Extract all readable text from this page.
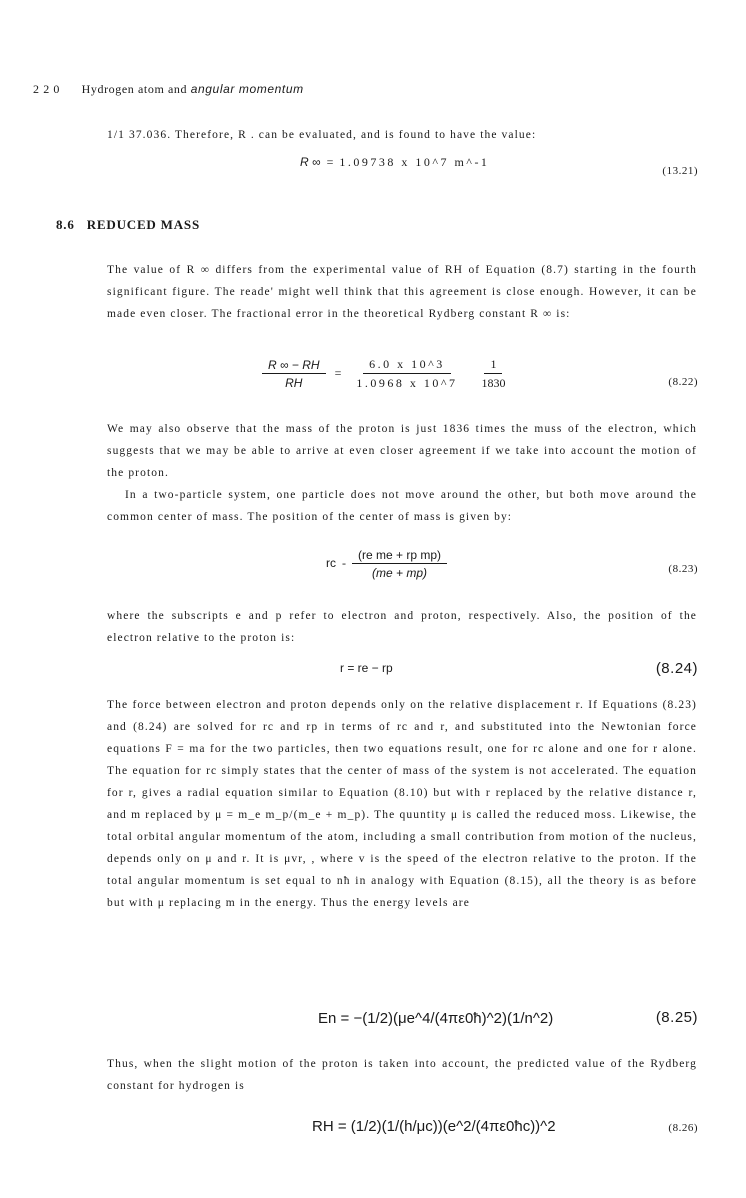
2 2 0 Hydrogen atom and angular momentum
1/1 37.036. Therefore, R . can be evaluated, and is found to have the value:
R ∞  =  1.09738 x 10^7 m^-1
(13.21)
8.6 REDUCED MASS
The value of R ∞ differs from the experimental value of RH of Equation (8.7) starting in the fourth significant figure. The reade' might well think that this agreement is close enough. However, it can be made even closer. The fractional error in the theoretical Rydberg constant R ∞ is:
$\frac{R \infty - RH}{RH} = \frac{6.0 x 10\^{}3}{1.0968 x 10\^{}7}$
$\frac{1}{1830}$	(8.22)
We may also observe that the mass of the proton is just 1836 times the muss of the electron, which suggests that we may be able to arrive at even closer agreement if we take into account the motion of the proton.
In a two-particle system, one particle does not move around the other, but both move around the common center of mass. The position of the center of mass is given by:
rc  - $\frac{\text{(re me + rp mp)}}{(me + mp)}$	(8.23)
where the subscripts e and p refer to electron and proton, respectively. Also, the position of the electron relative to the proton is:
r = re − rp	(8.24)
The force between electron and proton depends only on the relative displacement r. If Equations (8.23) and (8.24) are solved for rc and rp in terms of rc and r, and substituted into the Newtonian force equations F = ma for the two particles, then two equations result, one for rc alone and one for r alone. The equation for rc simply states that the center of mass of the system is not accelerated. The equation for r, gives a radial equation similar to Equation (8.10) but with r replaced by the relative distance r, and m replaced by μ = m_e m_p/(m_e + m_p). The quuntity μ is called the reduced moss. Likewise, the total orbital angular momentum of the atom, including a small contribution from motion of the nucleus, depends only on μ and r. It is μvr, , where v is the speed of the electron relative to the proton. If the total angular momentum is set equal to nħ in analogy with Equation (8.15), all the theory is as before but with μ replacing m in the energy. Thus the energy levels are
En = −(1/2)(μe^4/(4πε0ħ)^2)(1/n^2)	(8.25)
Thus, when the slight motion of the proton is taken into account, the predicted value of the Rydberg constant for hydrogen is
RH = (1/2)(1/(h/μc))(e^2/(4πε0ħc))^2	(8.26)
